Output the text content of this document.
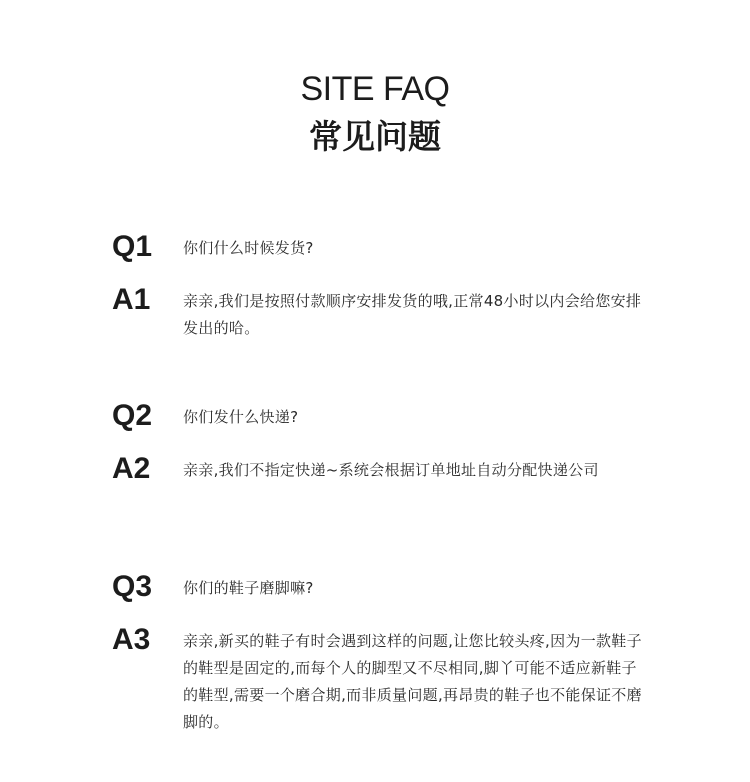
SITE FAQ
常见问题
Q1 你们什么时候发货?
A1 亲亲,我们是按照付款顺序安排发货的哦,正常48小时以内会给您安排发出的哈。
Q2 你们发什么快递?
A2 亲亲,我们不指定快递~系统会根据订单地址自动分配快递公司
Q3 你们的鞋子磨脚嘛?
A3 亲亲,新买的鞋子有时会遇到这样的问题,让您比较头疼,因为一款鞋子的鞋型是固定的,而每个人的脚型又不尽相同,脚丫可能不适应新鞋子的鞋型,需要一个磨合期,而非质量问题,再昂贵的鞋子也不能保证不磨脚的。
